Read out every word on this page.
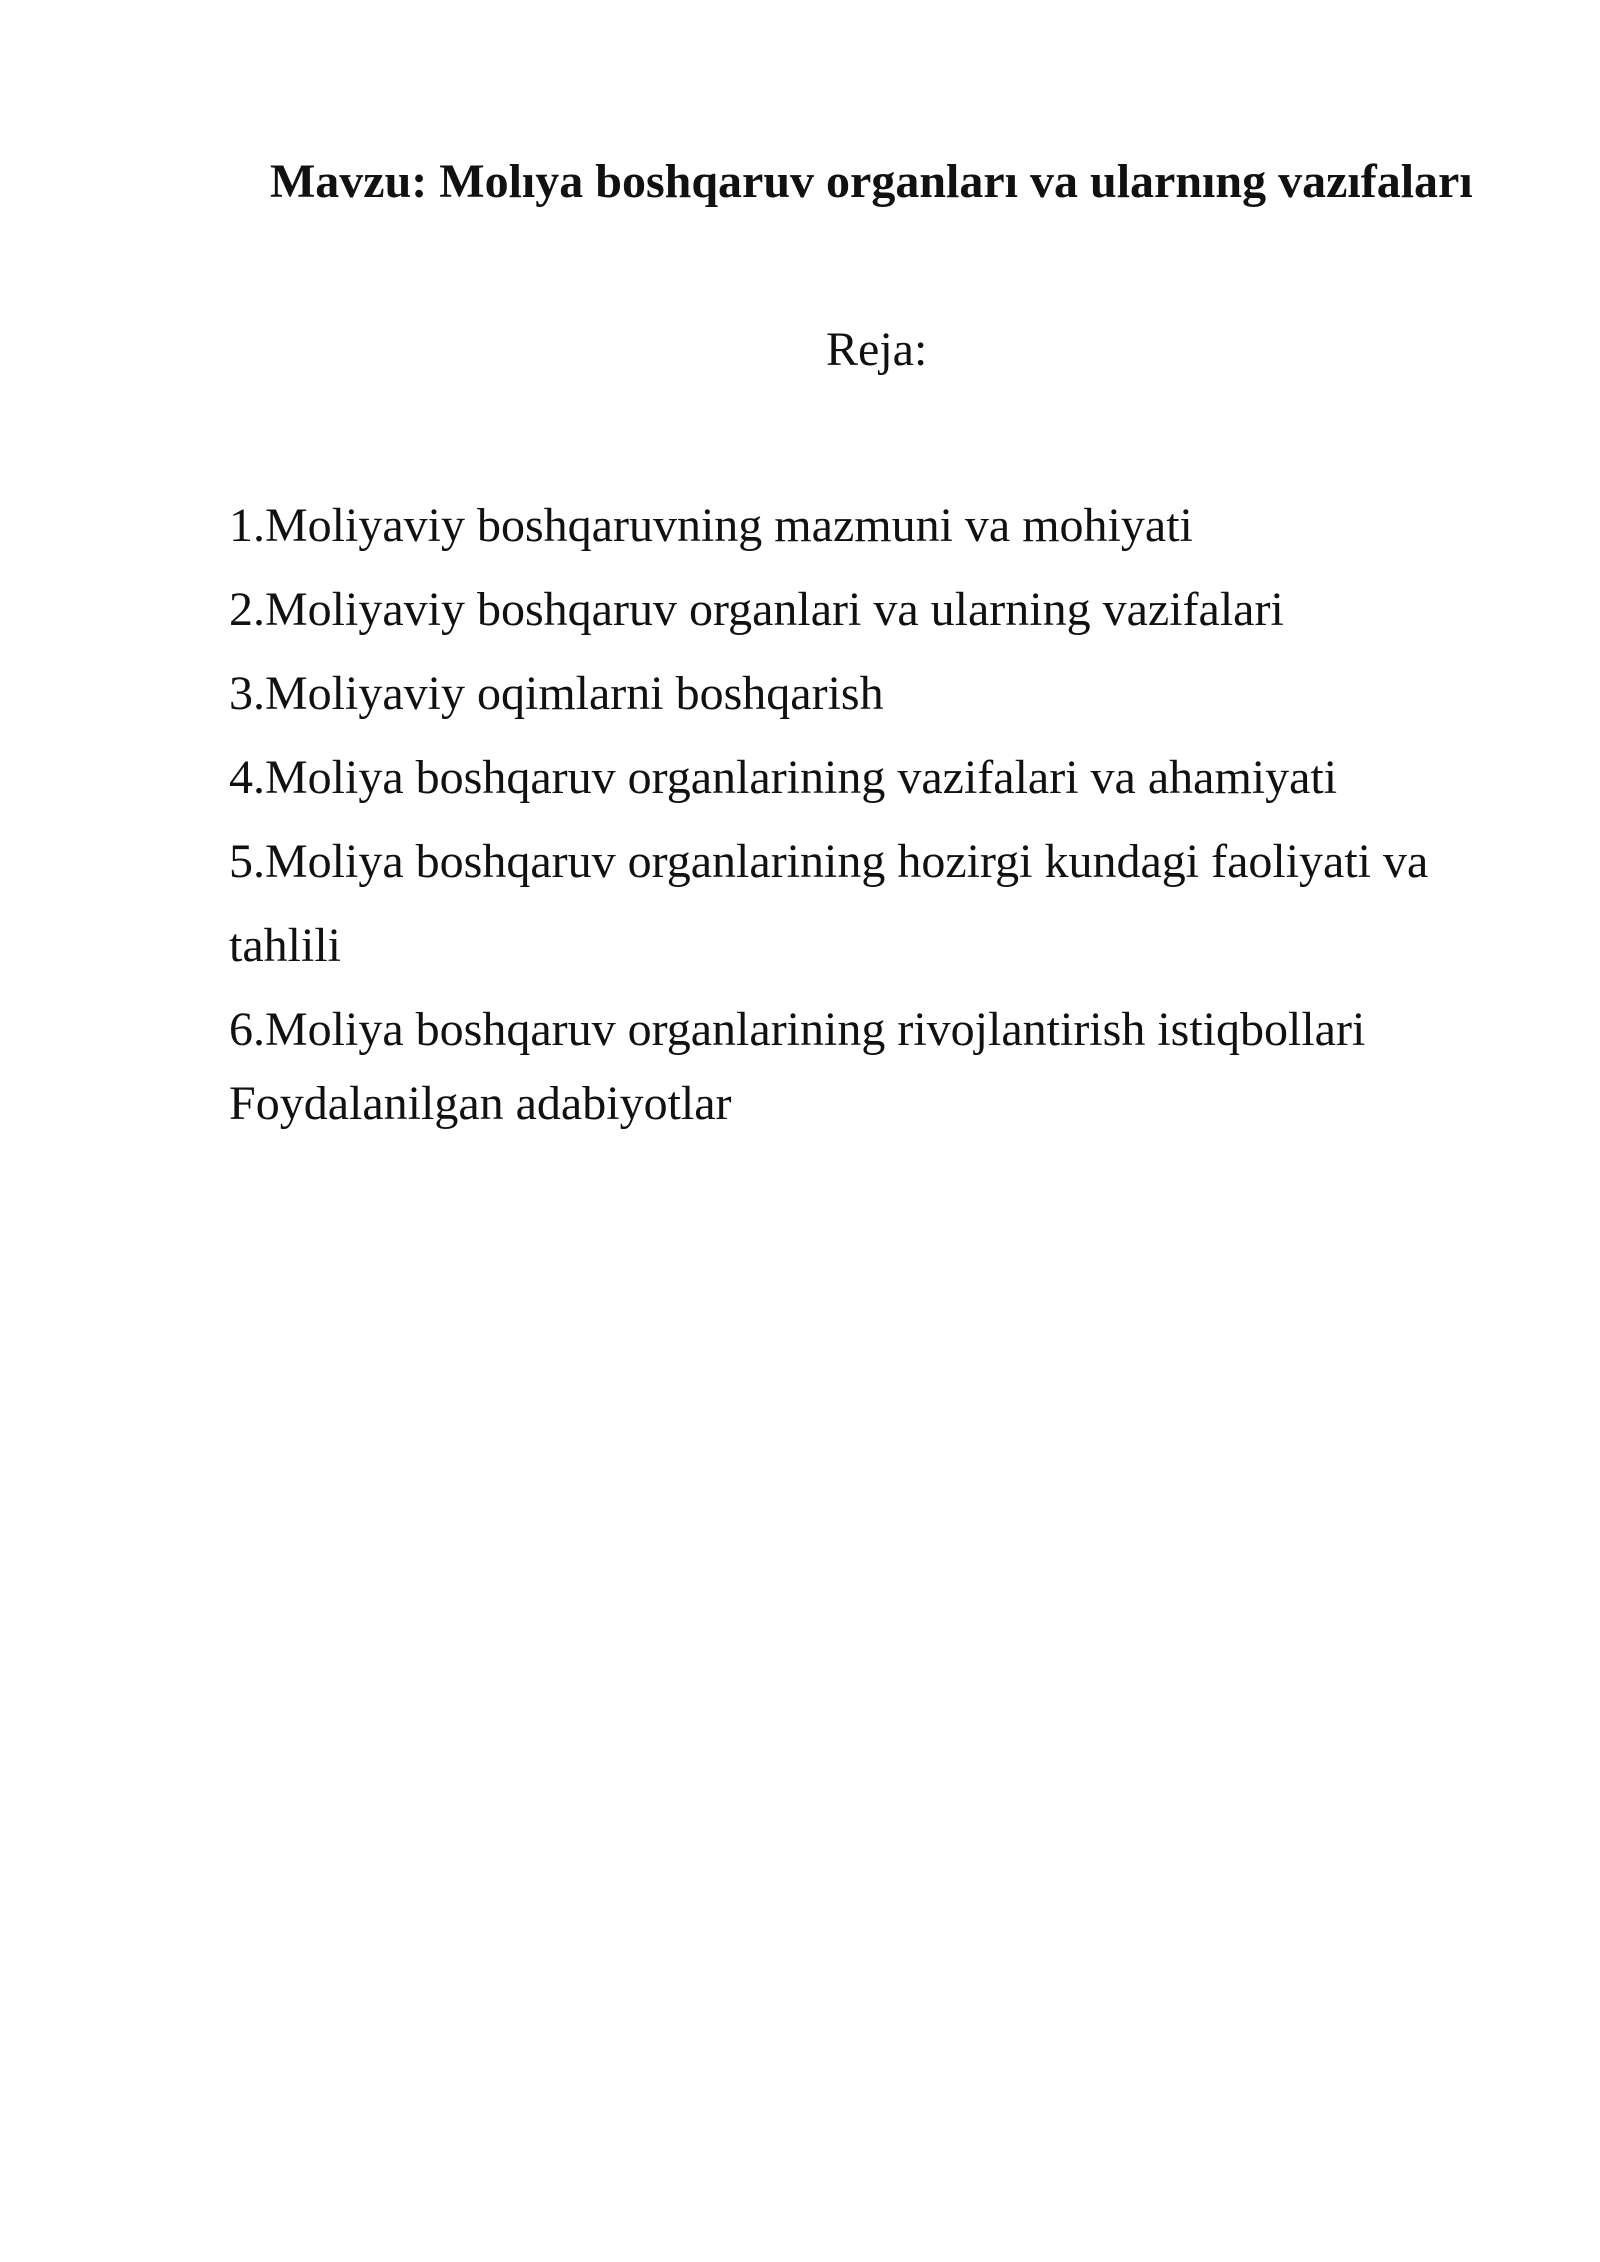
Mavzu: Molıya boshqaruv organları va ularnıng vazıfaları
Reja:
1.Moliyaviy boshqaruvning mazmuni va mohiyati
2.Moliyaviy boshqaruv organlari va ularning vazifalari
3.Moliyaviy oqimlarni boshqarish
4.Moliya boshqaruv organlarining vazifalari va ahamiyati
5.Moliya boshqaruv organlarining hozirgi kundagi faoliyati va tahlili
6.Moliya boshqaruv organlarining rivojlantirish istiqbollari

Foydalanilgan adabiyotlar
